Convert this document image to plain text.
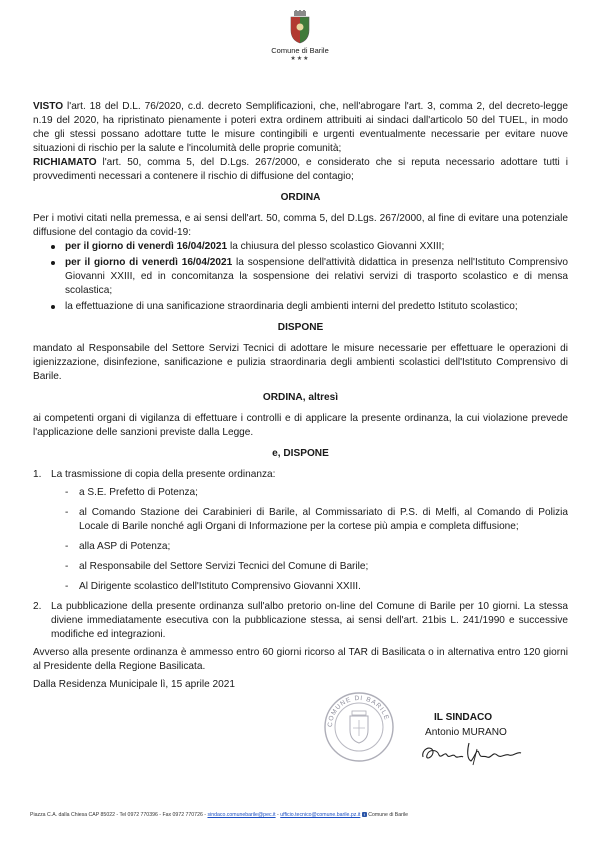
Comune di Barile
★★★

VISTO l'art. 18 del D.L. 76/2020, c.d. decreto Semplificazioni, che, nell'abrogare l'art. 3, comma 2, del decreto-legge n.19 del 2020, ha ripristinato pienamente i poteri extra ordinem attribuiti ai sindaci dall'articolo 50 del TUEL, in modo che gli stessi possano adottare tutte le misure contingibili e urgenti eventualmente necessarie per evitare nuove situazioni di rischio per la salute e l'incolumità delle proprie comunità;

RICHIAMATO l'art. 50, comma 5, del D.Lgs. 267/2000, e considerato che si reputa necessario adottare tutti i provvedimenti necessari a contenere il rischio di diffusione del contagio;

ORDINA

Per i motivi citati nella premessa, e ai sensi dell'art. 50, comma 5, del D.Lgs. 267/2000, al fine di evitare una potenziale diffusione del contagio da covid-19:

per il giorno di venerdì 16/04/2021 la chiusura del plesso scolastico Giovanni XXIII;
per il giorno di venerdì 16/04/2021 la sospensione dell'attività didattica in presenza nell'Istituto Comprensivo Giovanni XXIII, ed in concomitanza la sospensione dei relativi servizi di trasporto scolastico e di mensa scolastica;
la effettuazione di una sanificazione straordinaria degli ambienti interni del predetto Istituto scolastico;
DISPONE

mandato al Responsabile del Settore Servizi Tecnici di adottare le misure necessarie per effettuare le operazioni di igienizzazione, disinfezione, sanificazione e pulizia straordinaria degli ambienti scolastici dell'Istituto Comprensivo di Barile.

ORDINA, altresì

ai competenti organi di vigilanza di effettuare i controlli e di applicare la presente ordinanza, la cui violazione prevede l'applicazione delle sanzioni previste dalla Legge.

e, DISPONE
1. La trasmissione di copia della presente ordinanza:
- a S.E. Prefetto di Potenza;
- al Comando Stazione dei Carabinieri di Barile, al Commissariato di P.S. di Melfi, al Comando di Polizia Locale di Barile nonché agli Organi di Informazione per la cortese più ampia e completa diffusione;
- alla ASP di Potenza;
- al Responsabile del Settore Servizi Tecnici del Comune di Barile;
- Al Dirigente scolastico dell'Istituto Comprensivo Giovanni XXIII.
2. La pubblicazione della presente ordinanza sull'albo pretorio on-line del Comune di Barile per 10 giorni. La stessa diviene immediatamente esecutiva con la pubblicazione stessa, ai sensi dell'art. 21bis L. 241/1990 e successive modifiche ed integrazioni.

Avverso alla presente ordinanza è ammesso entro 60 giorni ricorso al TAR di Basilicata o in alternativa entro 120 giorni al Presidente della Regione Basilicata.

Dalla Residenza Municipale lì, 15 aprile 2021

COMUNE DI BARILE	IL SINDACO
Antonio MURANO
Piazza C.A. dalla Chiesa CAP 85022 - Tel 0972 770396 - Fax 0972 770726 - sindaco.comunebarile@pec.it - ufficio.tecnico@comune.barile.pz.it f Comune di Barile
